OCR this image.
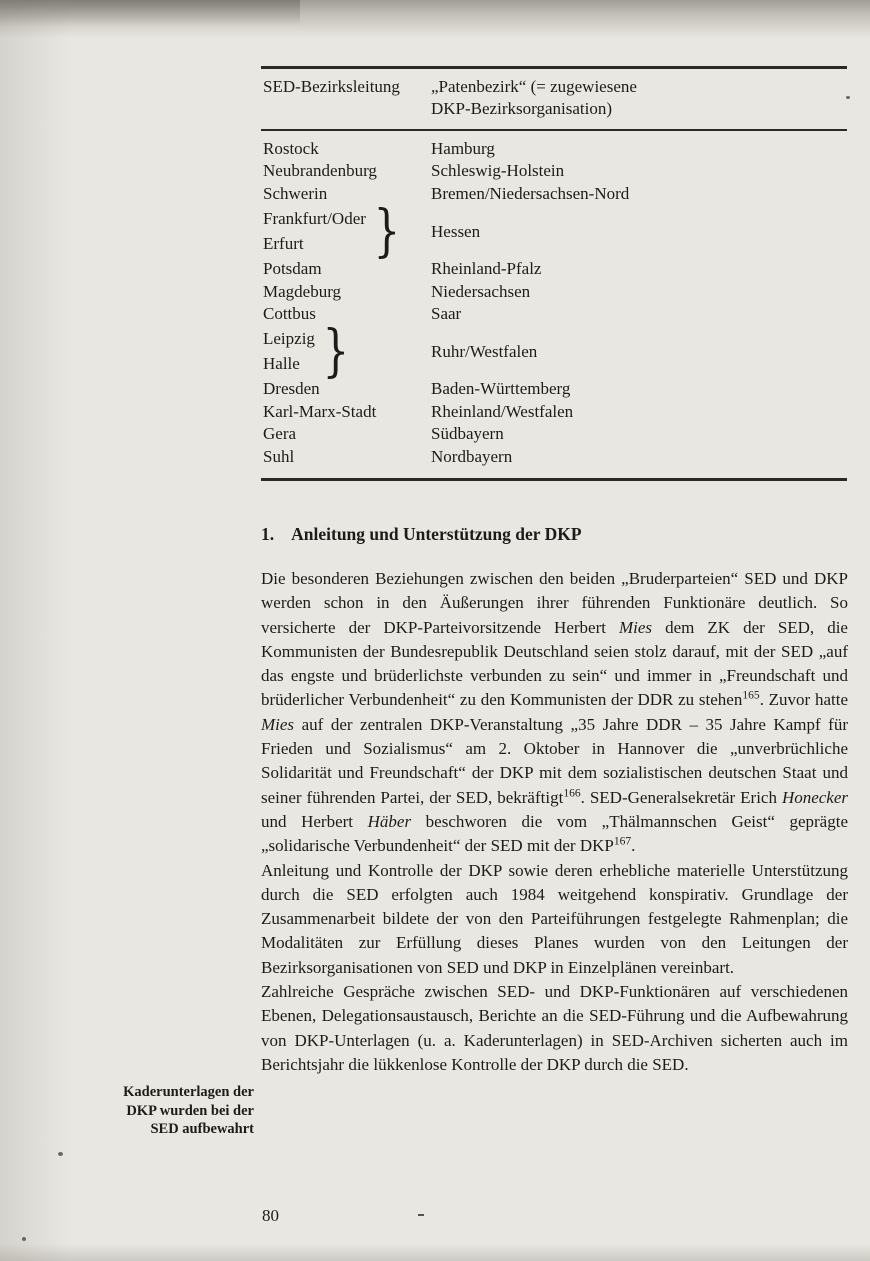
SED-Bezirksleitung	„Patenbezirk“ (= zugewiesene
DKP-Bezirksorganisation)
Rostock	Hamburg
Neubrandenburg	Schleswig-Holstein
Schwerin	Bremen/Niedersachsen-Nord
Frankfurt/Oder
Erfurt	} Hessen
Potsdam	Rheinland-Pfalz
Magdeburg	Niedersachsen
Cottbus	Saar
Leipzig
Halle }	Ruhr/Westfalen
Dresden	Baden-Württemberg
Karl-Marx-Stadt	Rheinland/Westfalen
Gera	Südbayern
Suhl	Nordbayern
1. Anleitung und Unterstützung der DKP

Die besonderen Beziehungen zwischen den beiden „Bruderparteien“ SED und DKP werden schon in den Äußerungen ihrer führenden Funktionäre deutlich. So versicherte der DKP-Parteivorsitzende Herbert Mies dem ZK der SED, die Kommunisten der Bundesrepublik Deutschland seien stolz darauf, mit der SED „auf das engste und brüderlichste verbunden zu sein“ und immer in „Freundschaft und brüderlicher Verbundenheit“ zu den Kommunisten der DDR zu stehen$^{165}$. Zuvor hatte Mies auf der zentralen DKP-Veranstaltung „35 Jahre DDR – 35 Jahre Kampf für Frieden und Sozialismus“ am 2. Oktober in Hannover die „unverbrüchliche Solidarität und Freundschaft“ der DKP mit dem sozialistischen deutschen Staat und seiner führenden Partei, der SED, bekräftigt$^{166}$. SED-Generalsekretär Erich Honecker und Herbert Häber beschworen die vom „Thälmannschen Geist“ geprägte „solidarische Verbundenheit“ der SED mit der DKP$^{167}$.

Anleitung und Kontrolle der DKP sowie deren erhebliche materielle Unterstützung durch die SED erfolgten auch 1984 weitgehend konspirativ. Grundlage der Zusammenarbeit bildete der von den Parteiführungen festgelegte Rahmenplan; die Modalitäten zur Erfüllung dieses Planes wurden von den Leitungen der Bezirksorganisationen von SED und DKP in Einzelplänen vereinbart.

Zahlreiche Gespräche zwischen SED- und DKP-Funktionären auf verschiedenen Ebenen, Delegationsaustausch, Berichte an die SED-Führung und die Aufbewahrung von DKP-Unterlagen (u. a. Kaderunterlagen) in SED-Archiven sicherten auch im Berichtsjahr die lükkenlose Kontrolle der DKP durch die SED.

Kaderunterlagen der
DKP wurden bei der
SED aufbewahrt
80
